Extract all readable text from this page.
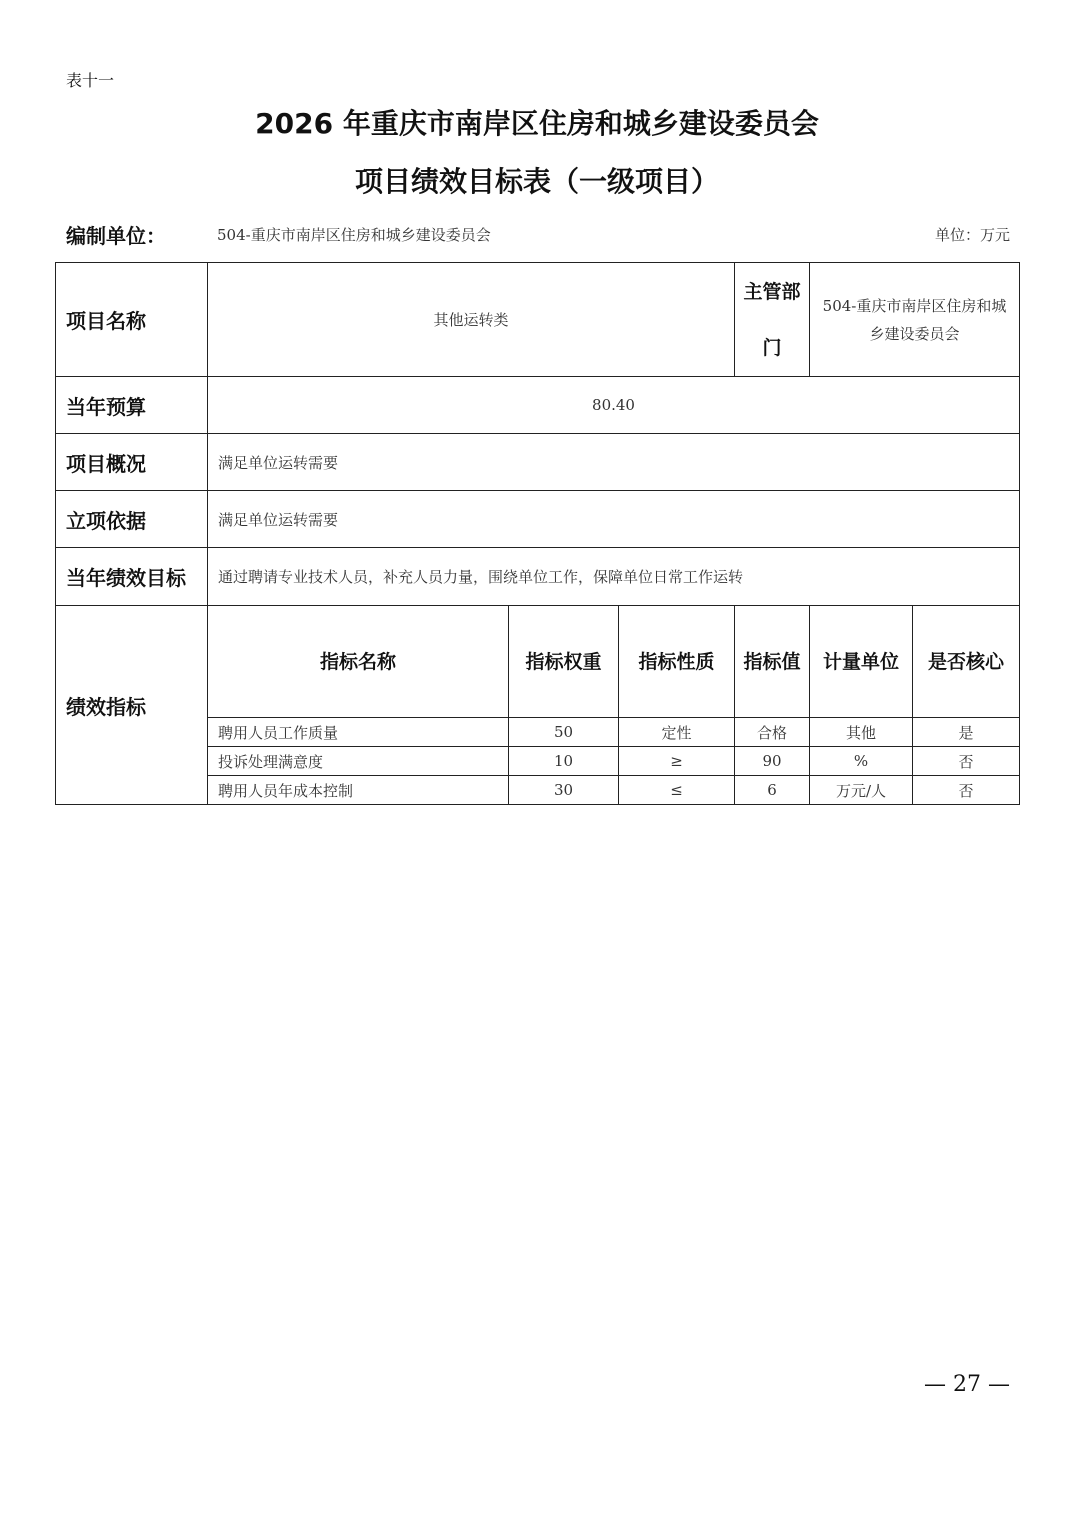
表十一
2026 年重庆市南岸区住房和城乡建设委员会
项目绩效目标表（一级项目）
编制单位：	504-重庆市南岸区住房和城乡建设委员会	单位：万元
项目名称	其他运转类			主管部门	504-重庆市南岸区住房和城乡建设委员会	
当年预算	80.40					
项目概况	满足单位运转需要					
立项依据	满足单位运转需要					
当年绩效目标	通过聘请专业技术人员，补充人员力量，围绕单位工作，保障单位日常工作运转					
绩效指标	指标名称	指标权重	指标性质	指标值	计量单位	是否核心
	聘用人员工作质量	50	定性	合格	其他	是
	投诉处理满意度	10	≥	90	%	否
	聘用人员年成本控制	30	≤	6	万元/人	否
— 27 —
